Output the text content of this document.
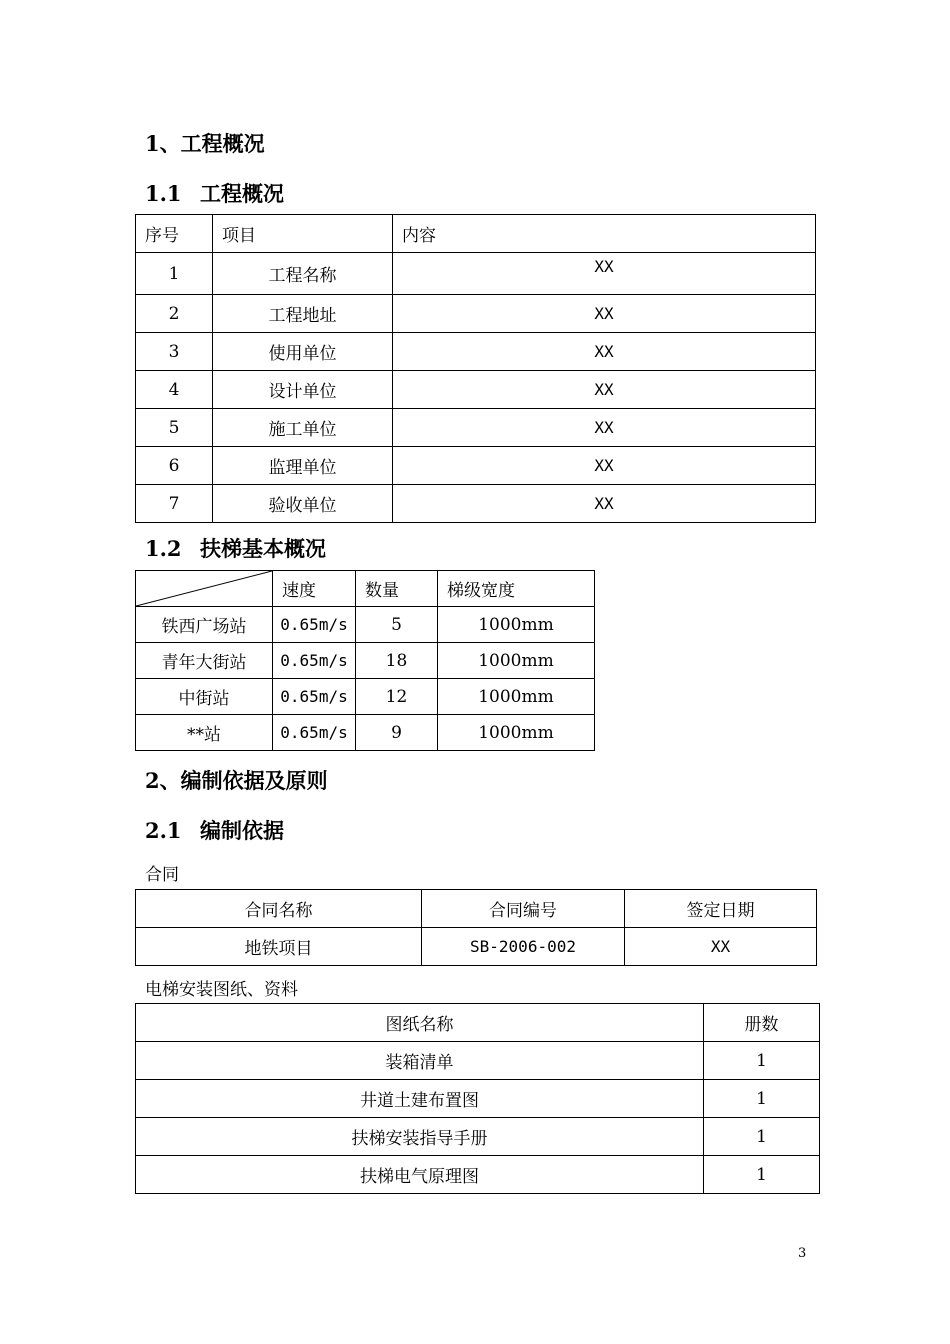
1、工程概况
1.1 工程概况
序号	项目	内容
1	工程名称	XX
2	工程地址	XX
3	使用单位	XX
4	设计单位	XX
5	施工单位	XX
6	监理单位	XX
7	验收单位	XX
1.2 扶梯基本概况
	速度	数量	梯级宽度
铁西广场站	0.65m/s	5	1000mm
青年大街站	0.65m/s	18	1000mm
中街站	0.65m/s	12	1000mm
**站	0.65m/s	9	1000mm
2、编制依据及原则
2.1 编制依据
合同
合同名称	合同编号	签定日期
地铁项目	SB-2006-002	XX
电梯安装图纸、资料
图纸名称	册数
装箱清单	1
井道土建布置图	1
扶梯安装指导手册	1
扶梯电气原理图	1
3
